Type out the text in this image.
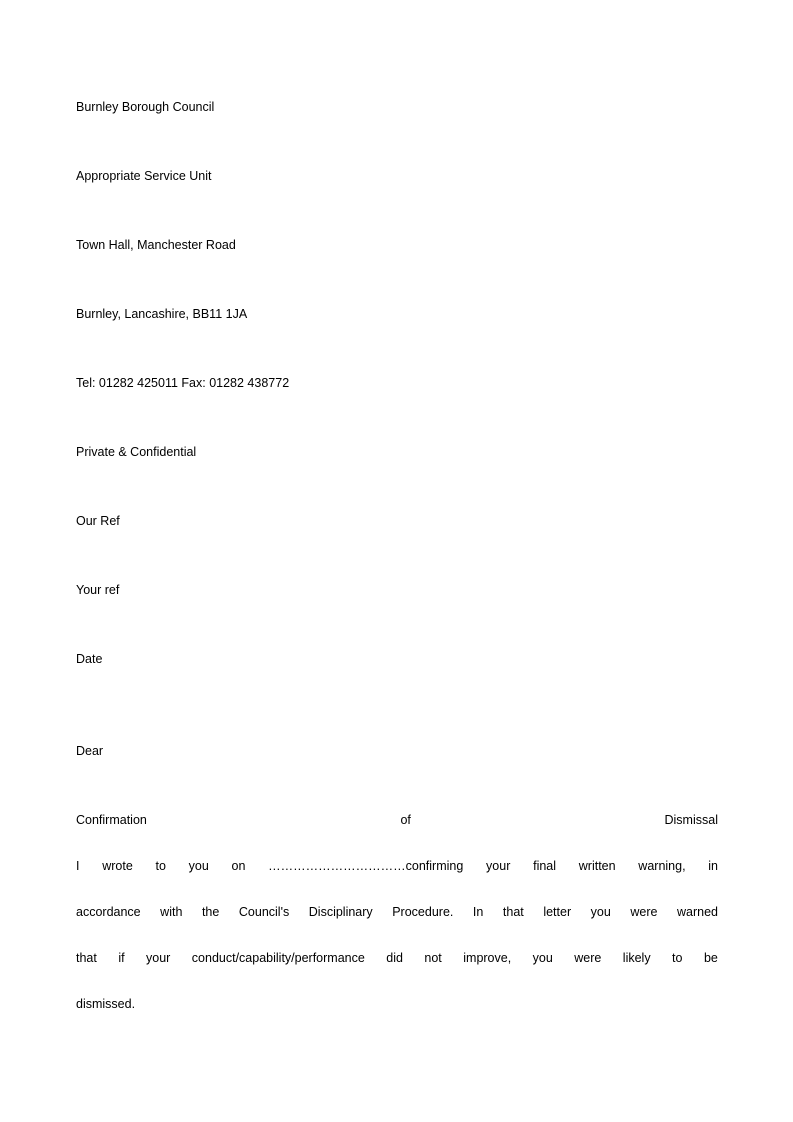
Burnley Borough Council
Appropriate Service Unit
Town Hall, Manchester Road
Burnley, Lancashire, BB11 1JA
Tel: 01282 425011 Fax: 01282 438772
Private & Confidential
Our Ref
Your ref
Date
Dear
Confirmation	of	Dismissal
I wrote to you on ……………………………confirming your final written warning, in
accordance with the Council's Disciplinary Procedure. In that letter you were warned
that if your conduct/capability/performance did not improve, you were likely to be
dismissed.
